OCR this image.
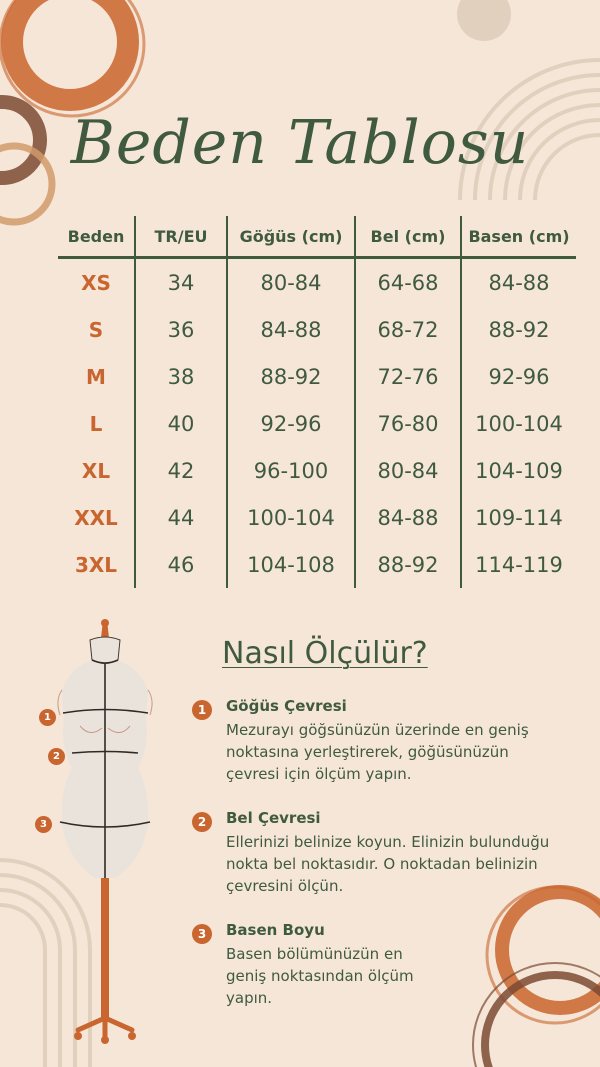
Beden Tablosu
Beden	TR/EU	Göğüs (cm)	Bel (cm)	Basen (cm)
XS	34	80-84	64-68	84-88
S	36	84-88	68-72	88-92
M	38	88-92	72-76	92-96
L	40	92-96	76-80	100-104
XL	42	96-100	80-84	104-109
XXL	44	100-104	84-88	109-114
3XL	46	104-108	88-92	114-119
1
2
3
Nasıl Ölçülür?
1	Göğüs Çevresi
Mezurayı göğsünüzün üzerinde en geniş noktasına yerleştirerek, göğüsünüzün çevresi için ölçüm yapın.
2	Bel Çevresi
Ellerinizi belinize koyun. Elinizin bulunduğu nokta bel noktasıdır. O noktadan belinizin çevresini ölçün.
3	Basen Boyu
Basen bölümünüzün en geniş noktasından ölçüm yapın.
